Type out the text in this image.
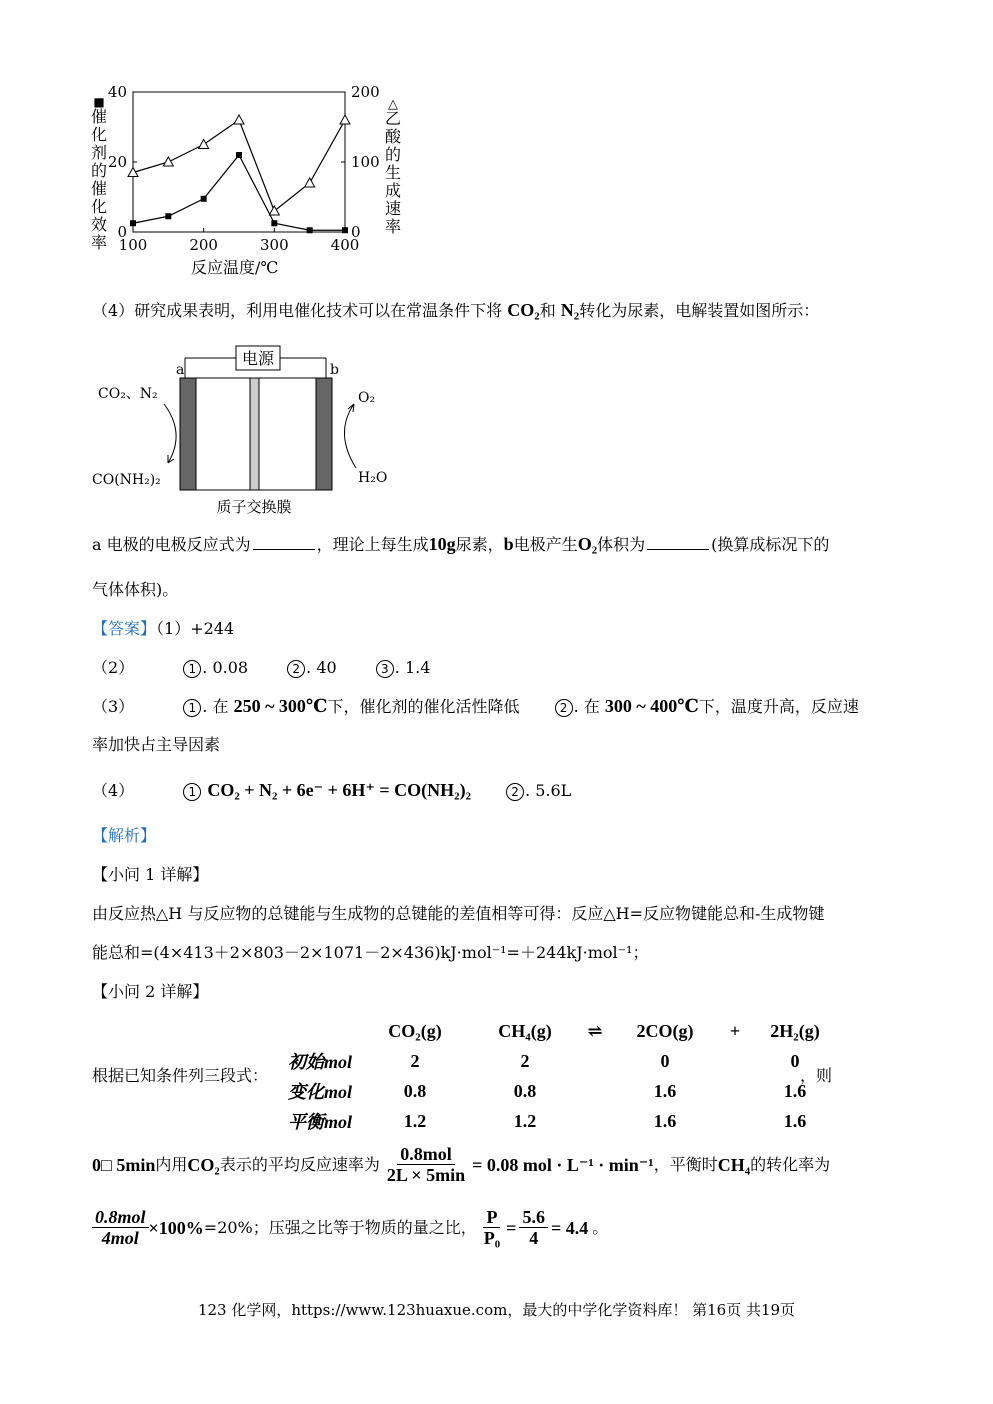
■
催化剂的催化效率
△
乙酸的生成速率
0
20
40
0
100
200
100	200	300	400
反应温度/℃
（4）研究成果表明，利用电催化技术可以在常温条件下将 CO₂和 N₂转化为尿素，电解装置如图所示：
电源
a	b
CO₂、N₂
CO(NH₂)₂
O₂
H₂O
质子交换膜
a 电极的电极反应式为	，理论上每生成10g尿素，b电极产生O₂体积为	(换算成标况下的
气体体积)。
【答案】（1）+244
（2）	1 . 0.08	2 . 40	3 . 1.4
（3）	1 . 在 250 ~ 300℃下，催化剂的催化活性降低	2 . 在 300 ~ 400℃下，温度升高，反应速
率加快占主导因素
（4）	1 CO₂ + N₂ + 6e⁻ + 6H⁺ = CO(NH₂)₂	2 . 5.6L
【解析】
【小问 1 详解】
由反应热△H 与反应物的总键能与生成物的总键能的差值相等可得：反应△H=反应物键能总和-生成物键
能总和=(4×413＋2×803－2×1071－2×436)kJ·mol⁻¹=＋244kJ·mol⁻¹；
【小问 2 详解】
根据已知条件列三段式：
	CO₂(g)	CH₄(g)	⇌	2CO(g)	+	2H₂(g)
初始mol	2	2		0		0
变化mol	0.8	0.8		1.6		1.6
平衡mol	1.2	1.2		1.6		1.6
，则
0□ 5min 内用 CO₂ 表示的平均反应速率为 $\frac{\text{0.8mol}}{2L \times 5\min} = 0.08$ mol · L⁻¹ · min⁻¹ ，平衡时 CH₄ 的转化率为
$\frac{\text{0.8mol}}{\text{4mol}} \times 100\% =20\%$；压强之比等于物质的量之比， $\frac{P}{\text{P₀}} = \frac{5.6}{4} = 4.4$ 。
123 化学网，https://www.123huaxue.com，最大的中学化学资料库！ 第16页 共19页
